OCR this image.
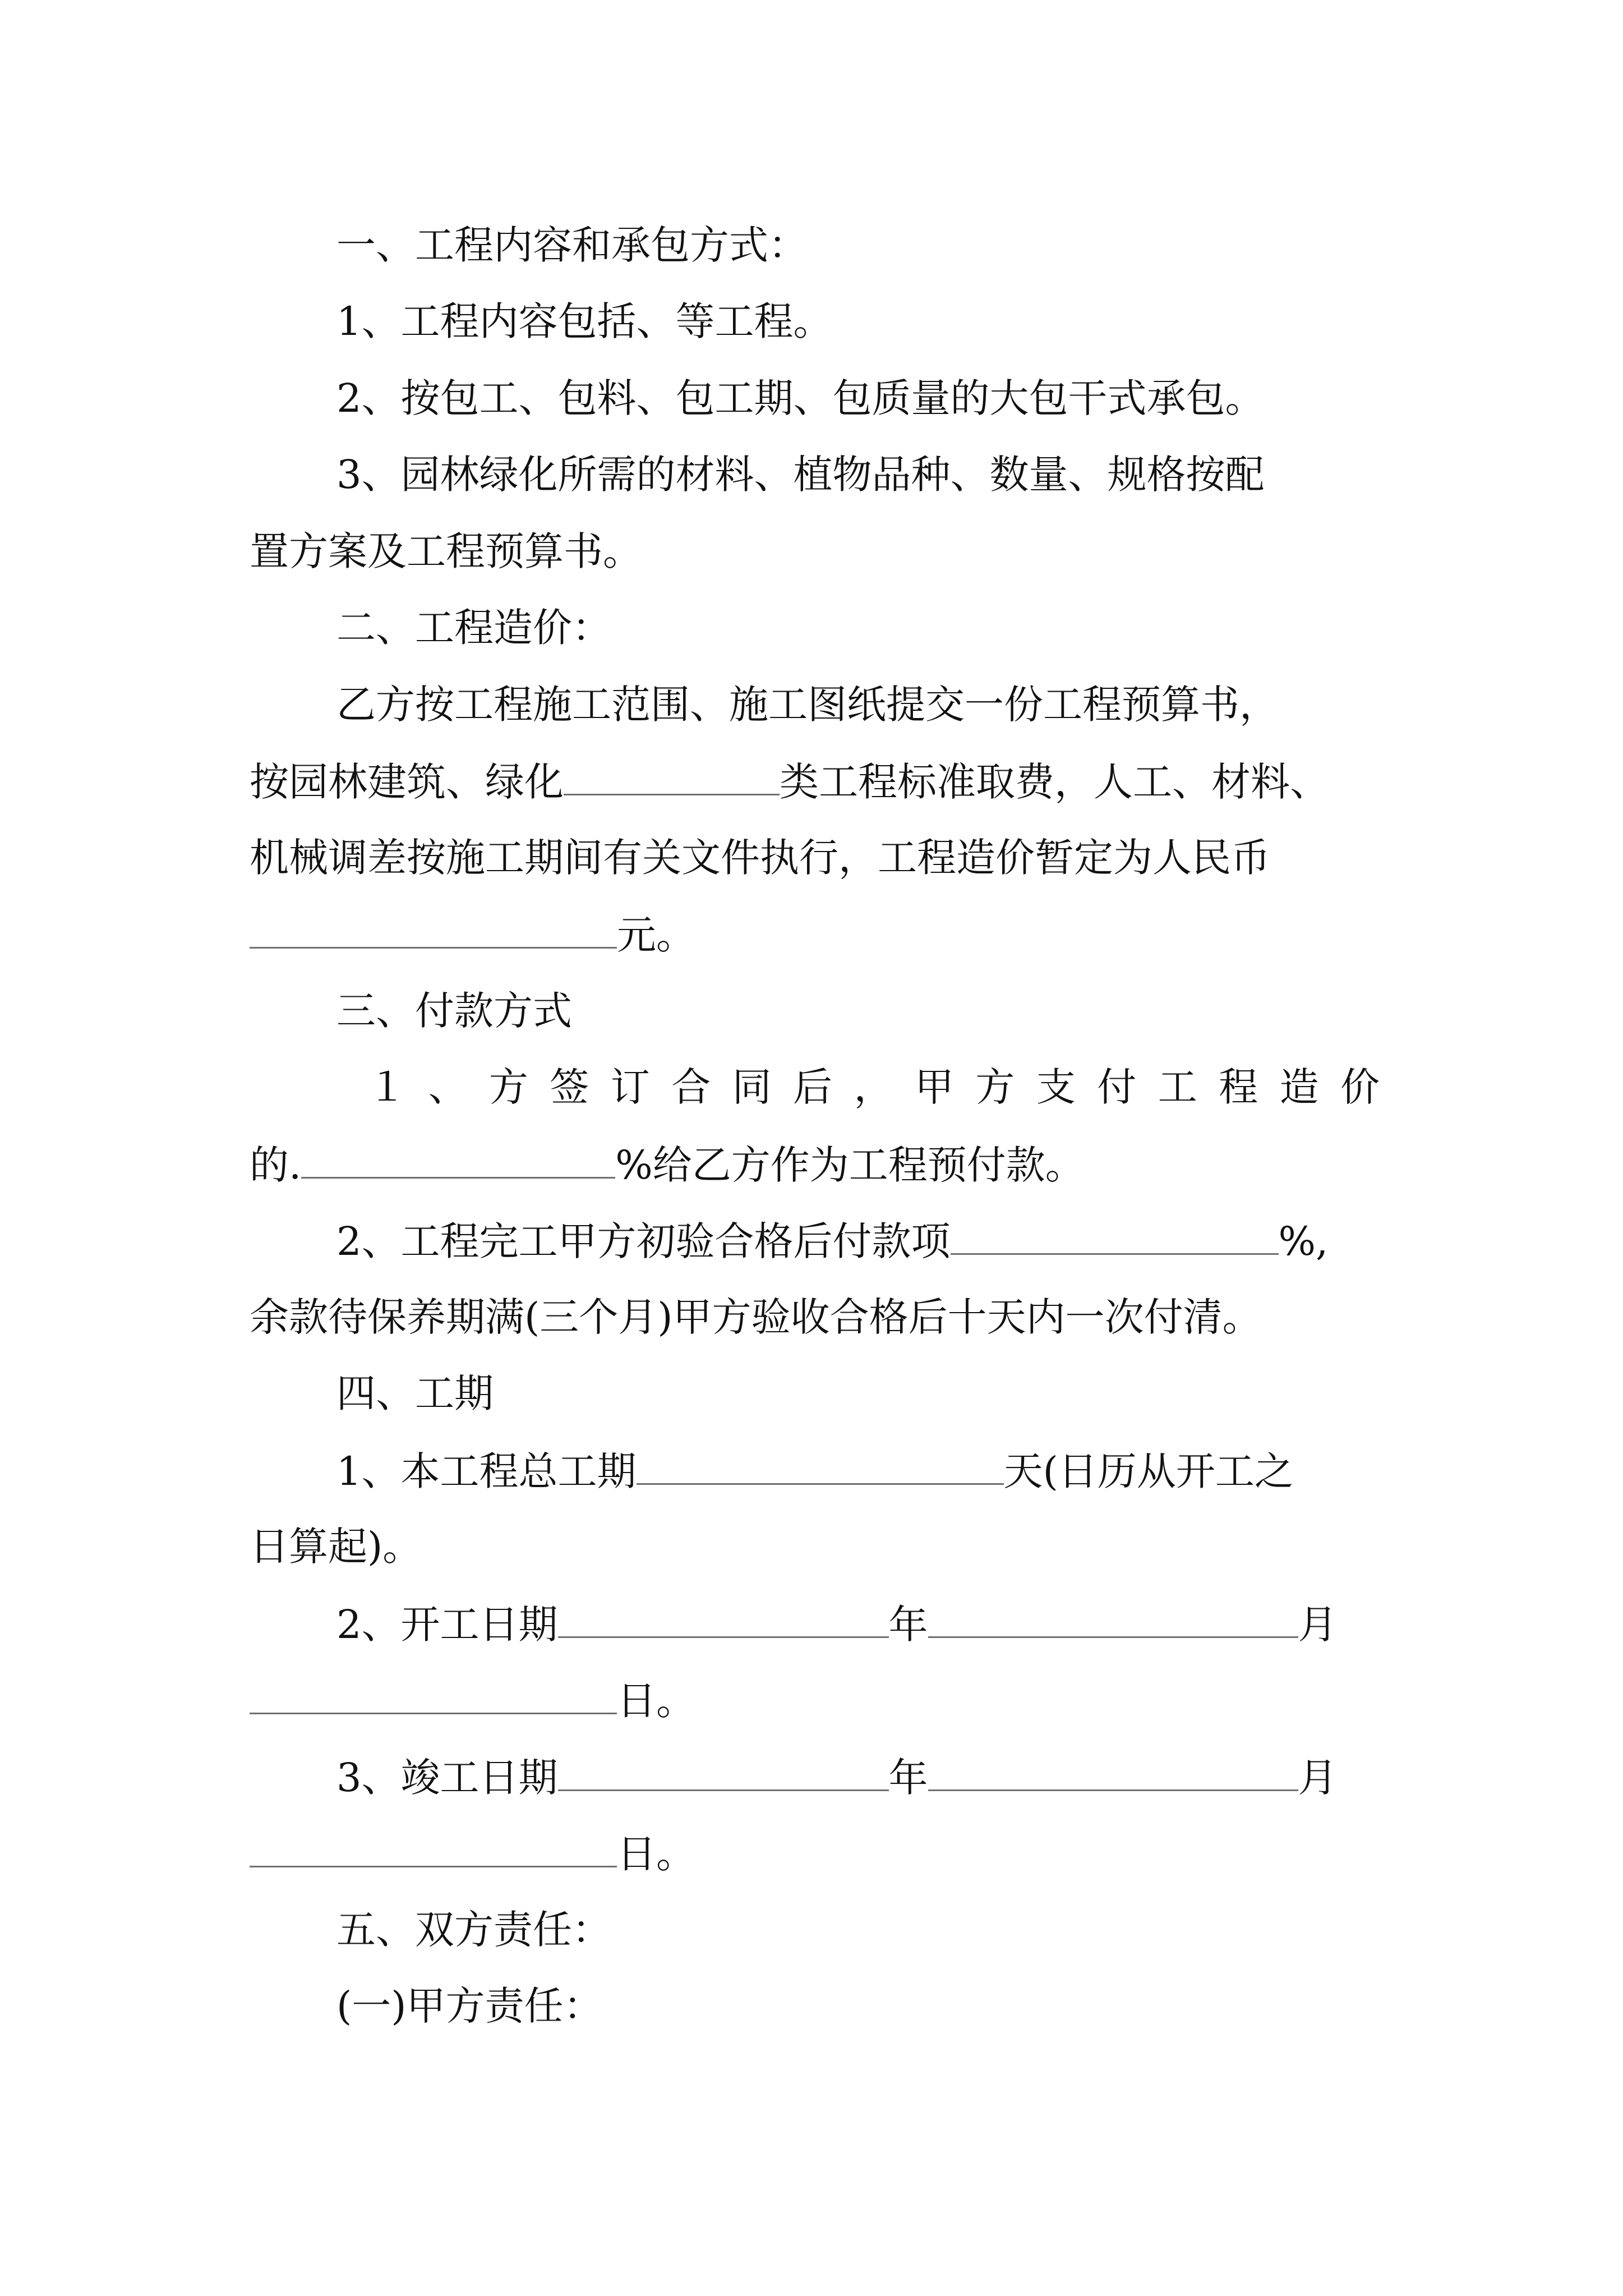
一、工程内容和承包方式：
1、工程内容包括、等工程。
2、按包工、包料、包工期、包质量的大包干式承包。
3、园林绿化所需的材料、植物品种、数量、规格按配
置方案及工程预算书。
二、工程造价：
乙方按工程施工范围、施工图纸提交一份工程预算书，
按园林建筑、绿化	类工程标准取费，人工、材料、
机械调差按施工期间有关文件执行，工程造价暂定为人民币
元。
三、付款方式
１ 、 方 签 订 合 同 后 ， 甲 方 支 付 工 程 造 价
的.	%给乙方作为工程预付款。
2、工程完工甲方初验合格后付款项	%,
余款待保养期满(三个月)甲方验收合格后十天内一次付清。
四、工期
1、本工程总工期	天(日历从开工之
日算起)。
2、开工日期	年	月
日。
3、竣工日期	年	月
日。
五、双方责任：
(一)甲方责任：
